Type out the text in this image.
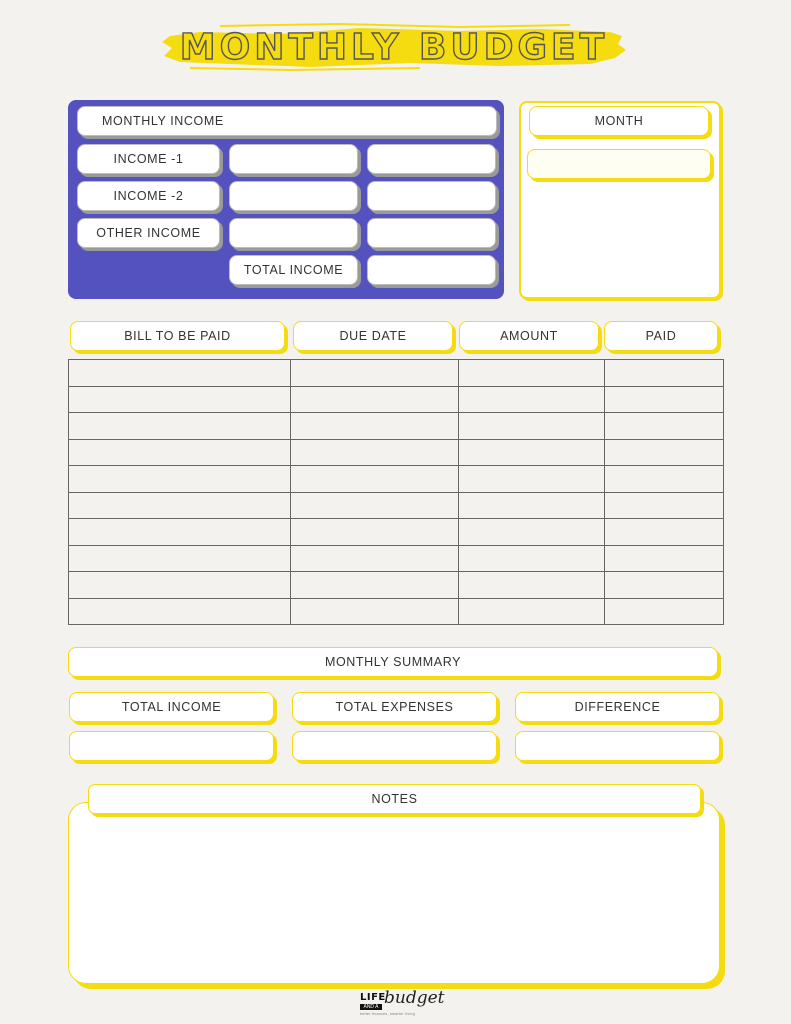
MONTHLY BUDGET
MONTHLY INCOME
INCOME -1
INCOME -2
OTHER INCOME
TOTAL INCOME
MONTH
BILL TO BE PAID	DUE DATE	AMOUNT	PAID

MONTHLY SUMMARY
TOTAL INCOME	TOTAL EXPENSES	DIFFERENCE
NOTES
LIFE
AND A budget
better finances, smarter living
